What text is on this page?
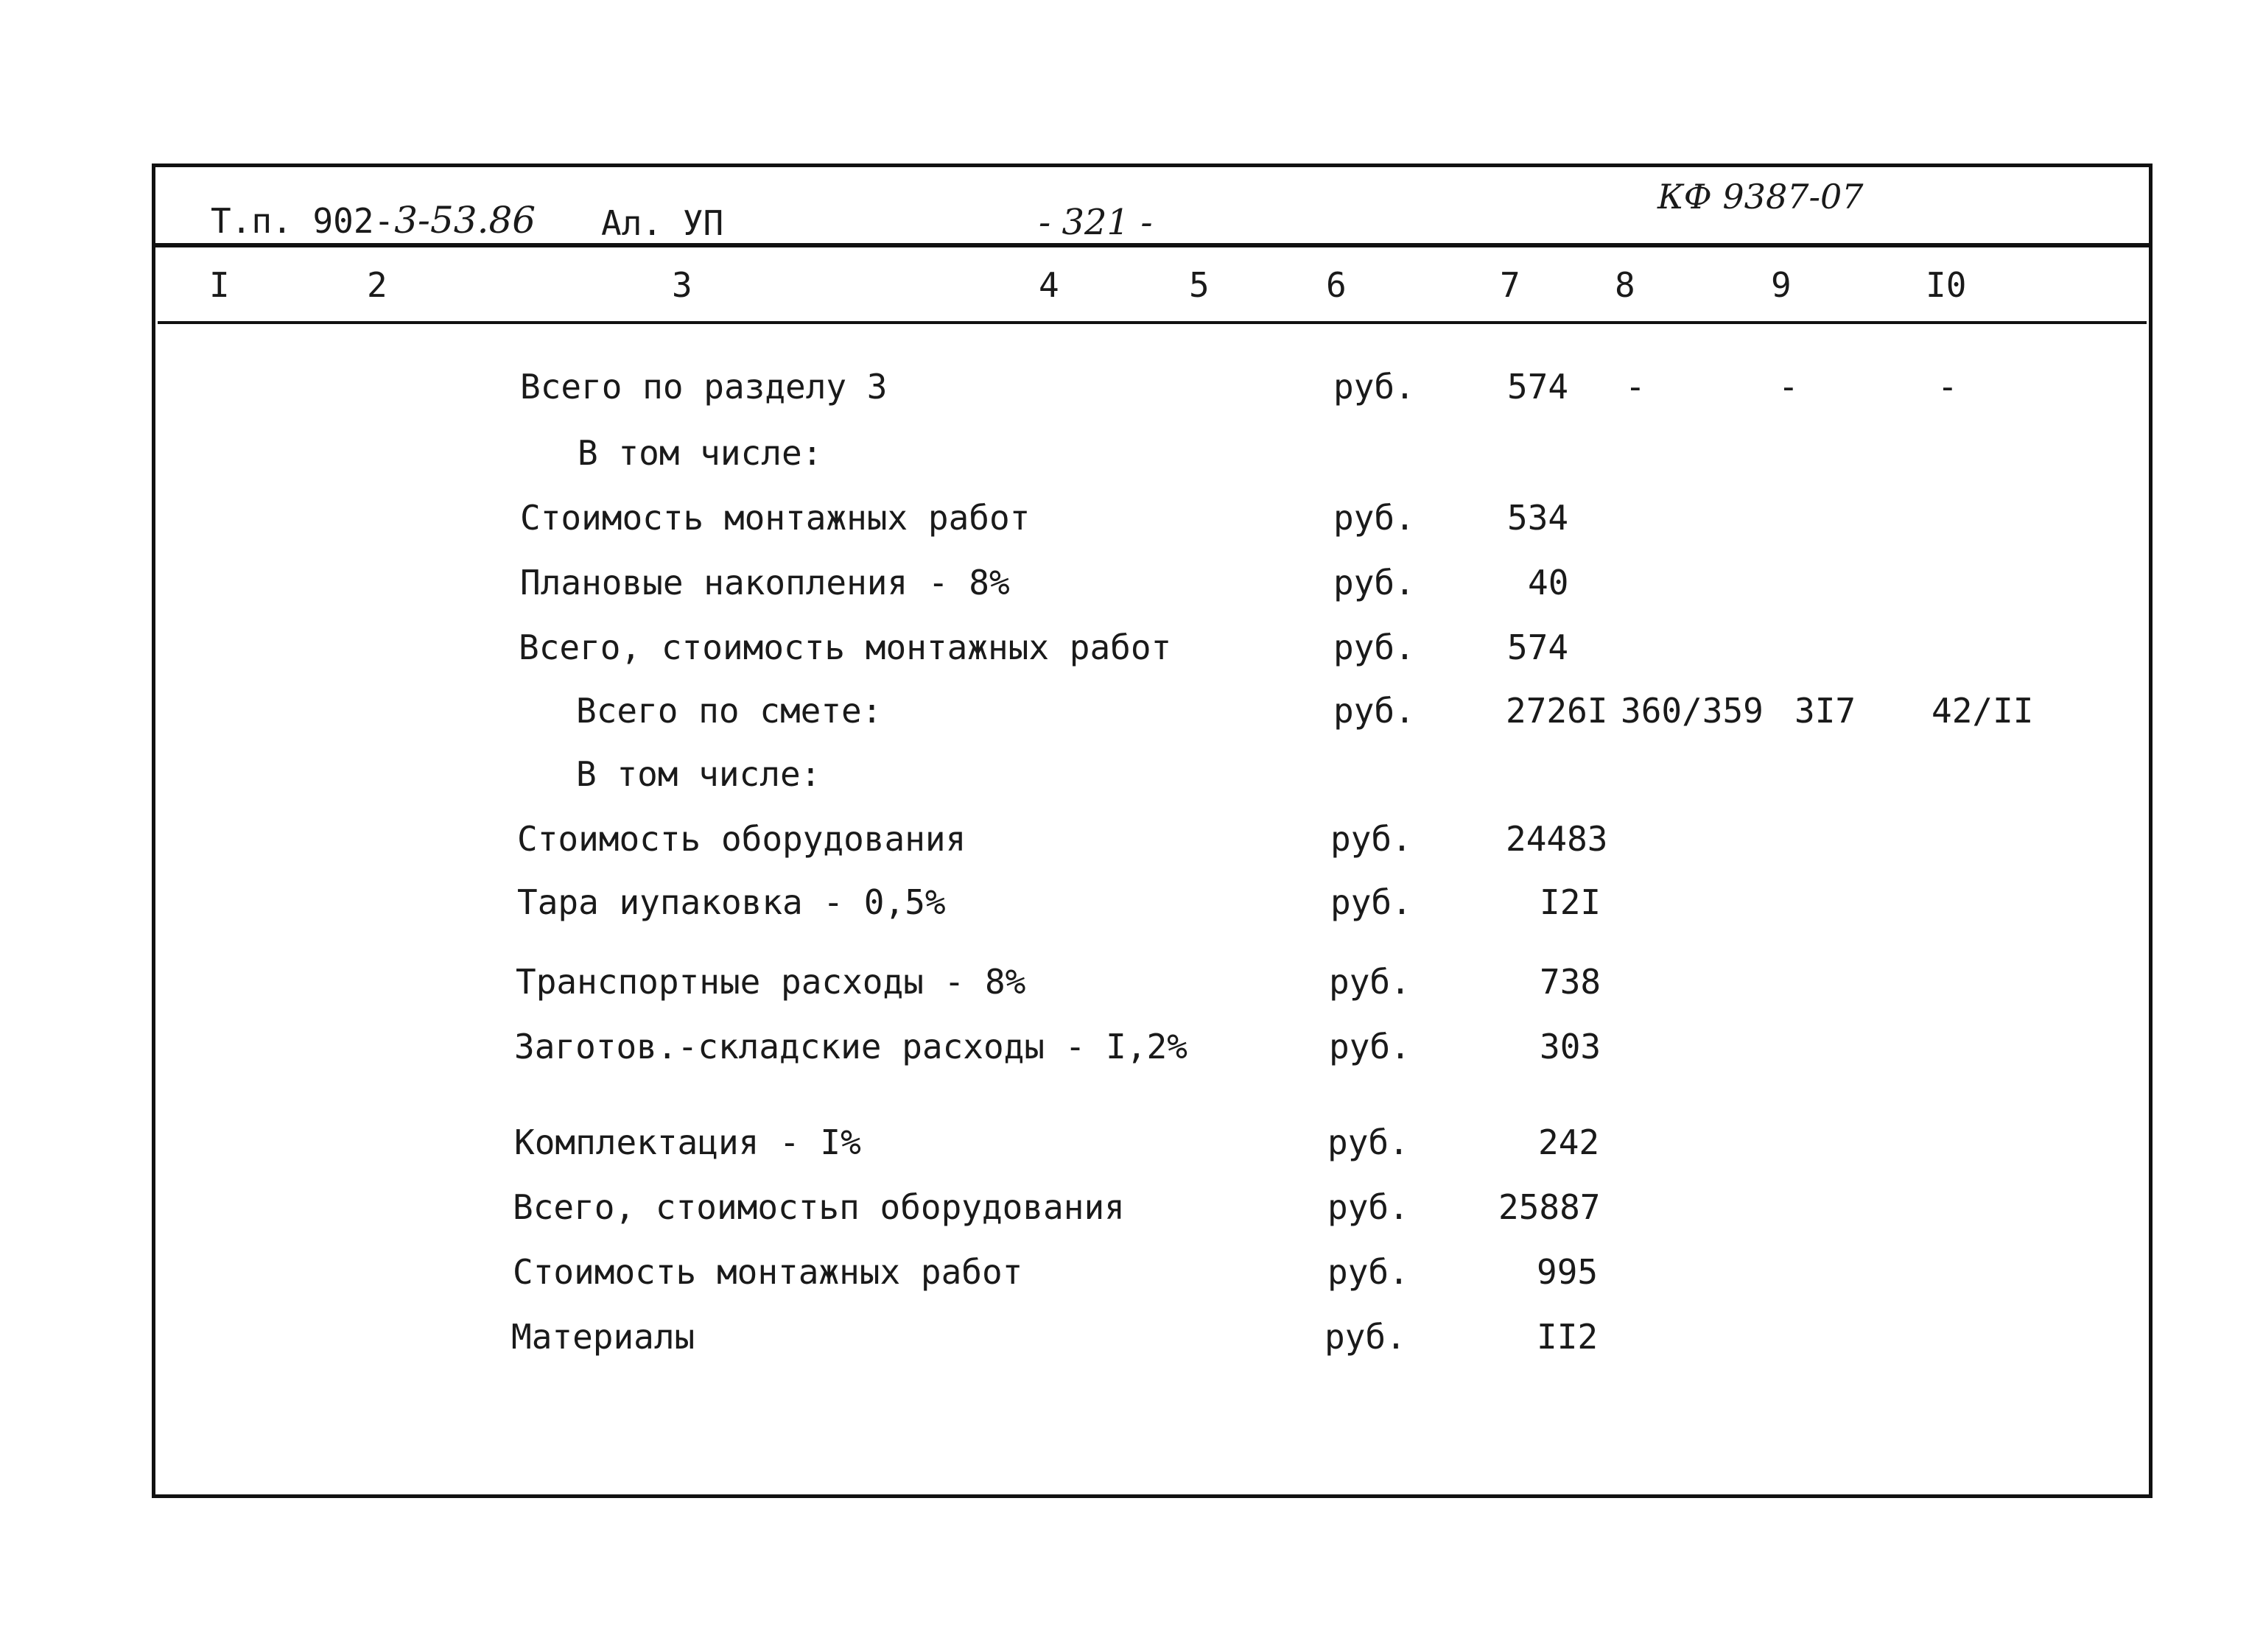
Т.п. 902-3-53.86 Ал. УП	- 321 -
КФ 9387-07
I	2	3	4	5	6	7	8	9	I0
Всего по разделу 3	руб.	574 -	-	-
В том числе:
Стоимость монтажных работ	руб.	534
Плановые накопления - 8%	руб.	40
Всего, стоимость монтажных работ	руб.	574
Всего по смете:	руб.	2726I 360/359 3I7 42/II
В том числе:
Стоимость оборудования	руб.	24483
Тара иупаковка - 0,5%	руб.	I2I
Транспортные расходы - 8%	руб.	738
Заготов.-складские расходы - I,2%	руб.	303
Комплектация - I%	руб.	242
Всего, стоимостьп оборудования	руб.	25887
Стоимость монтажных работ	руб.	995
Материалы	руб.	II2
